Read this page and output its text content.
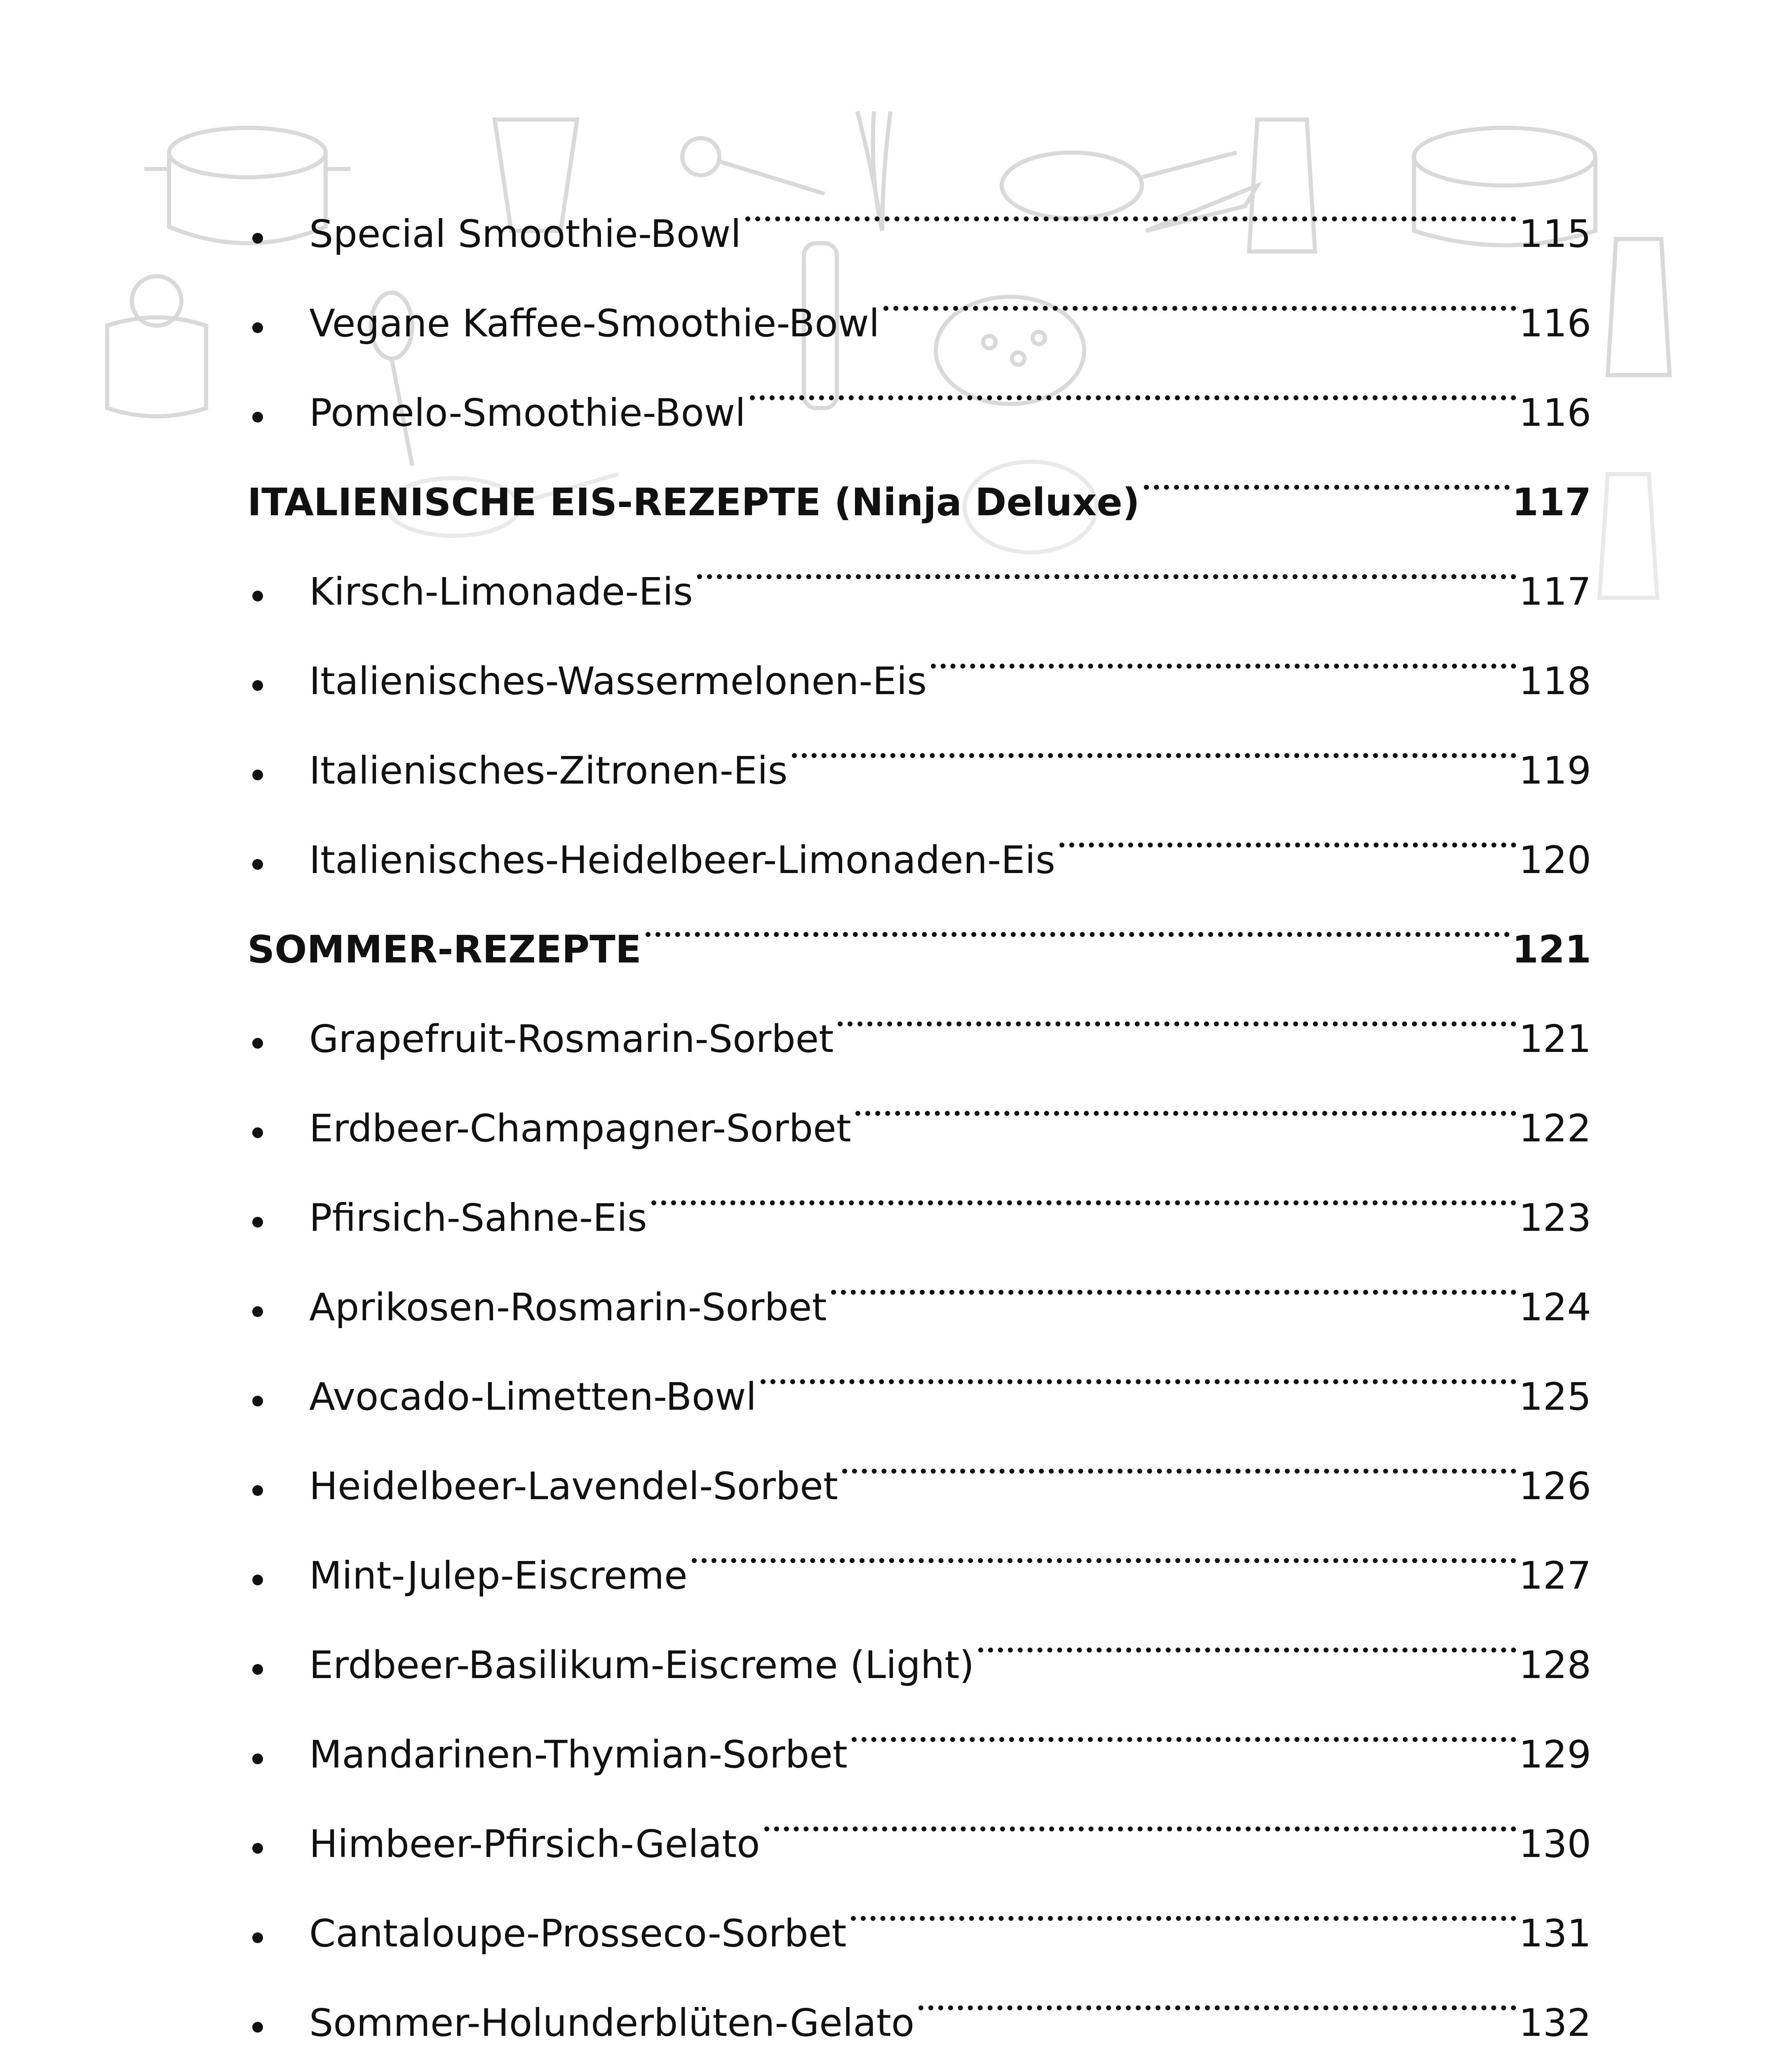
Special Smoothie-Bowl	115
Vegane Kaffee-Smoothie-Bowl	116
Pomelo-Smoothie-Bowl	116
ITALIENISCHE EIS-REZEPTE (Ninja Deluxe)	117
Kirsch-Limonade-Eis	117
Italienisches-Wassermelonen-Eis	118
Italienisches-Zitronen-Eis	119
Italienisches-Heidelbeer-Limonaden-Eis	120
SOMMER-REZEPTE	121
Grapefruit-Rosmarin-Sorbet	121
Erdbeer-Champagner-Sorbet	122
Pfirsich-Sahne-Eis	123
Aprikosen-Rosmarin-Sorbet	124
Avocado-Limetten-Bowl	125
Heidelbeer-Lavendel-Sorbet	126
Mint-Julep-Eiscreme	127
Erdbeer-Basilikum-Eiscreme (Light)	128
Mandarinen-Thymian-Sorbet	129
Himbeer-Pfirsich-Gelato	130
Cantaloupe-Prosseco-Sorbet	131
Sommer-Holunderblüten-Gelato	132
